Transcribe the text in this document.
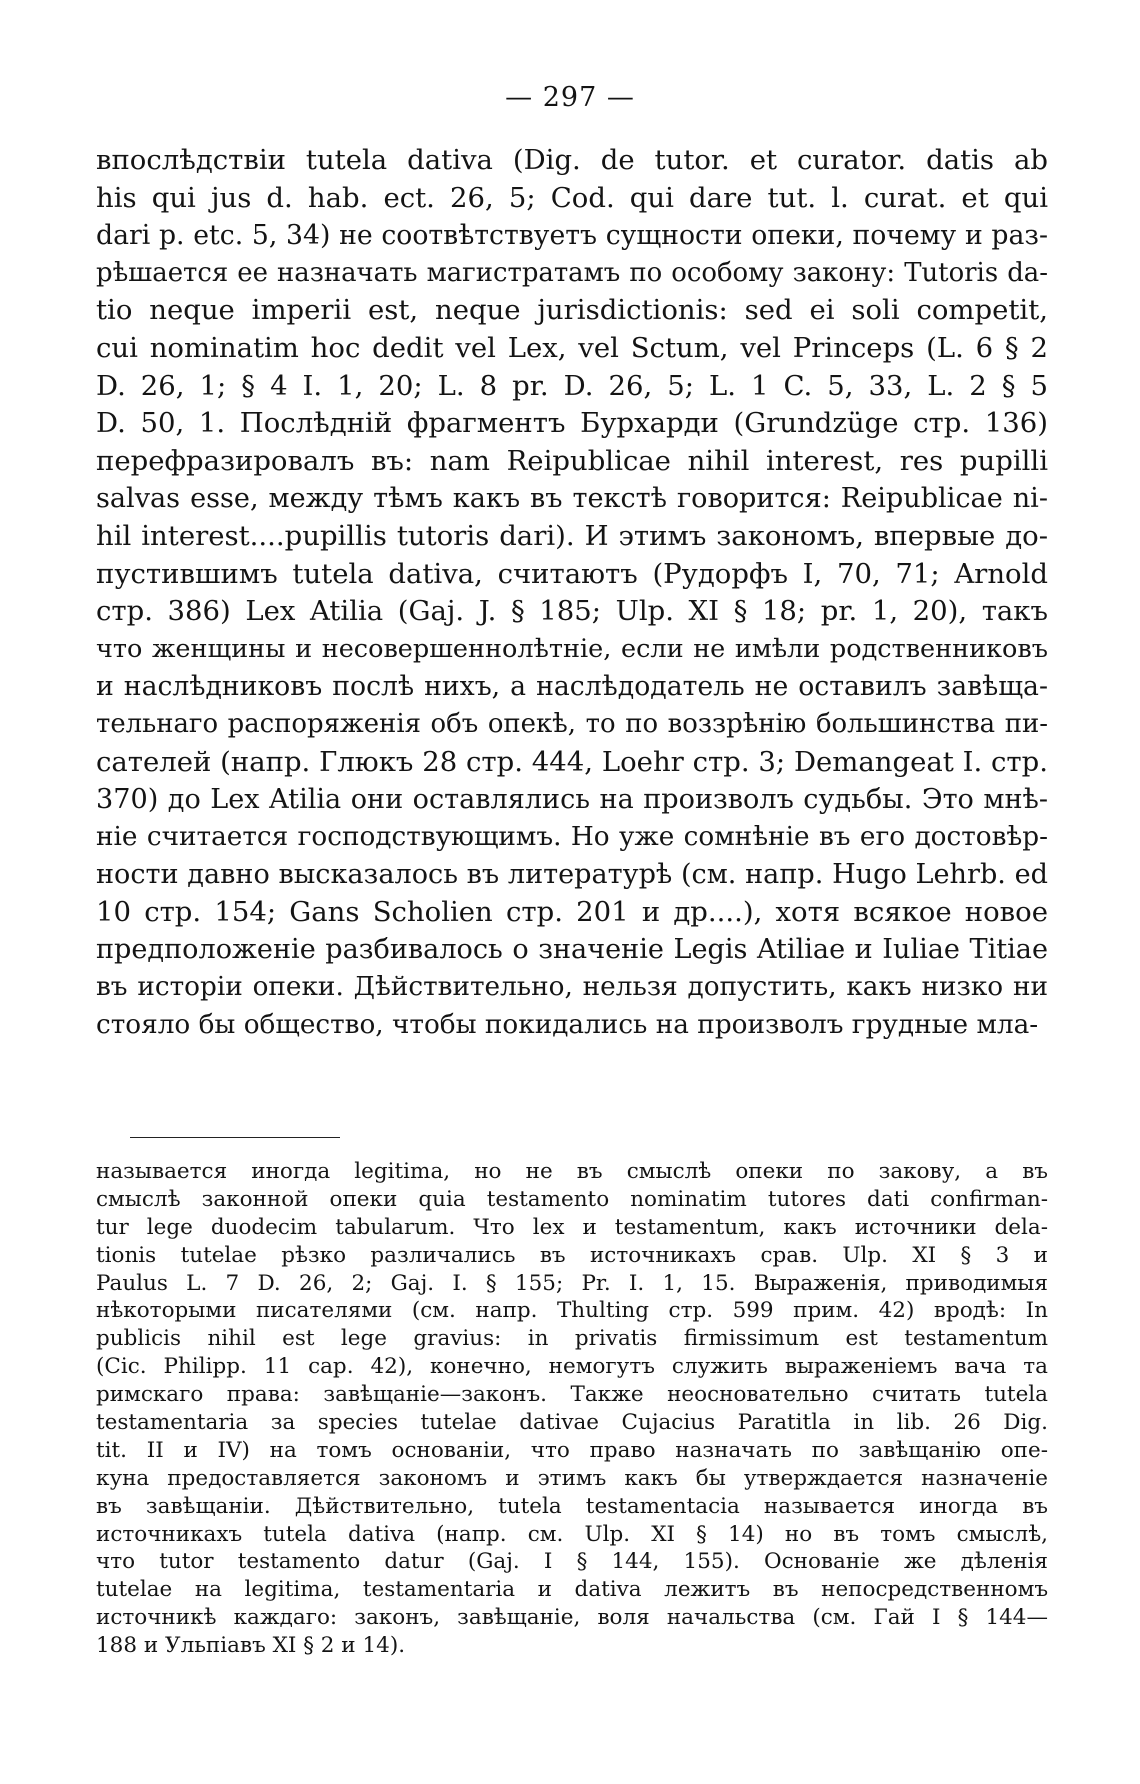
— 297 —
впослѣдствіи tutela dativa (Dig. de tutor. et curator. datis ab
his qui jus d. hab. ect. 26, 5; Cod. qui dare tut. l. curat. et qui
dari p. etc. 5, 34) не соотвѣтствуетъ сущности опеки, почему и раз-
рѣшается ее назначать магистратамъ по особому закону: Tutoris da-
tio neque imperii est, neque jurisdictionis: sed ei soli competit,
cui nominatim hoc dedit vel Lex, vel Sctum, vel Princeps (L. 6 § 2
D. 26, 1; § 4 I. 1, 20; L. 8 pr. D. 26, 5; L. 1 C. 5, 33, L. 2 § 5
D. 50, 1. Послѣдній фрагментъ Бурхарди (Grundzüge стр. 136)
перефразировалъ въ: nam Reipublicae nihil interest, res pupilli
salvas esse, между тѣмъ какъ въ текстѣ говорится: Reipublicae ni-
hil interest....pupillis tutoris dari). И этимъ закономъ, впервые до-
пустившимъ tutela dativa, считаютъ (Рудорфъ I, 70, 71; Arnold
стр. 386) Lex Atilia (Gaj. J. § 185; Ulp. XI § 18; pr. 1, 20), такъ
что женщины и несовершеннолѣтніе, если не имѣли родственниковъ
и наслѣдниковъ послѣ нихъ, а наслѣдодатель не оставилъ завѣща-
тельнаго распоряженія объ опекѣ, то по воззрѣнію большинства пи-
сателей (напр. Глюкъ 28 стр. 444, Loehr стр. 3; Demangeat I. стр.
370) до Lex Atilia они оставлялись на произволъ судьбы. Это мнѣ-
ніе считается господствующимъ. Но уже сомнѣніе въ его достовѣр-
ности давно высказалось въ литературѣ (см. напр. Hugo Lehrb. ed
10 стр. 154; Gans Scholien стр. 201 и др....), хотя всякое новое
предположеніе разбивалось о значеніе Legis Atiliae и Iuliae Titiae
въ исторіи опеки. Дѣйствительно, нельзя допустить, какъ низко ни
стояло бы общество, чтобы покидались на произволъ грудные мла-
называется иногда legitima, но не въ смыслѣ опеки по закову, а въ
смыслѣ законной опеки quia testamento nominatim tutores dati confirman-
tur lege duodecim tabularum. Что lex и testamentum, какъ источники dela-
tionis tutelae рѣзко различались въ источникахъ срав. Ulp. XI § 3 и
Paulus L. 7 D. 26, 2; Gaj. I. § 155; Pr. I. 1, 15. Выраженія, приводимыя
нѣкоторыми писателями (см. напр. Thulting стр. 599 прим. 42) вродѣ: In
publicis nihil est lege gravius: in privatis firmissimum est testamentum
(Cic. Philipp. 11 cap. 42), конечно, немогутъ служить выраженіемъ вача та
римскаго права: завѣщаніе—законъ. Также неосновательно считать tutela
testamentaria за species tutelae dativae Cujacius Paratitla in lib. 26 Dig.
tit. II и IV) на томъ основаніи, что право назначать по завѣщанію опе-
куна предоставляется закономъ и этимъ какъ бы утверждается назначеніе
въ завѣщаніи. Дѣйствительно, tutela testamentacia называется иногда въ
источникахъ tutela dativa (напр. см. Ulp. XI § 14) но въ томъ смыслѣ,
что tutor testamento datur (Gaj. I § 144, 155). Основаніе же дѣленія
tutelae на legitima, testamentaria и dativa лежитъ въ непосредственномъ
источникѣ каждаго: законъ, завѣщаніе, воля начальства (см. Гай I § 144—
188 и Ульпіавъ XI § 2 и 14).
